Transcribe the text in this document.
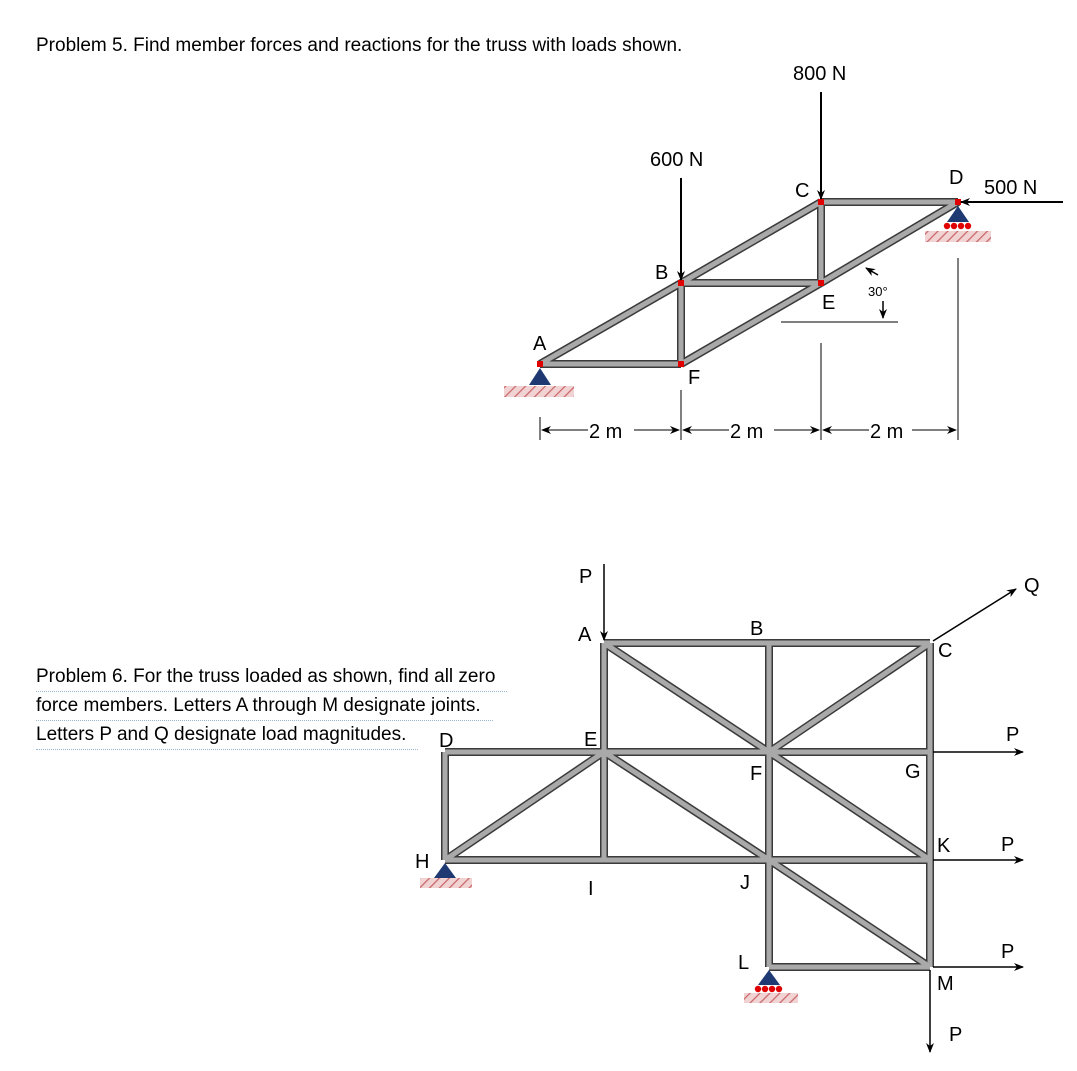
Problem 5. Find member forces and reactions for the truss with loads shown.
Problem 6. For the truss loaded as shown, find all zero
force members. Letters A through M designate joints.
Letters P and Q designate load magnitudes.
600 N
800 N
500 N
A
B
C
D
E
F
30°
2 m	2 m	2 m
P	Q
P
P
P
P
A	B
C
D	E
F	G
H
I	J
K
L
M
